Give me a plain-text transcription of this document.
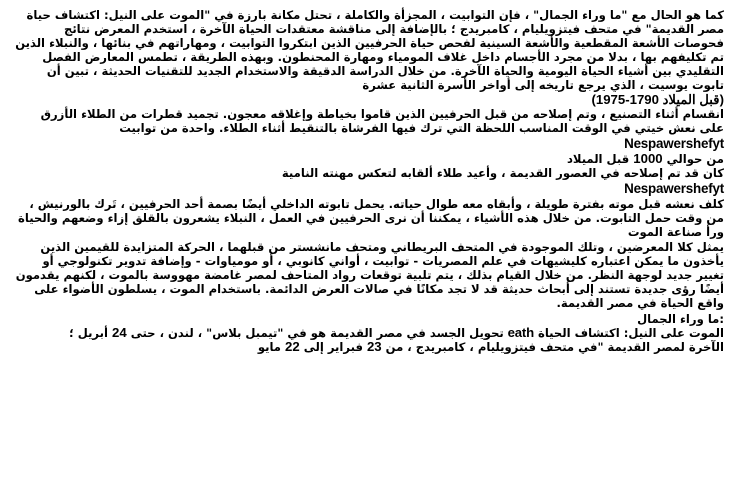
كما هو الحال مع "ما وراء الجمال" ، فإن التوابيت ، المجزأة والكاملة ، تحتل مكانة بارزة في "الموت على النيل: اكتشاف حياة مصر القديمة" في متحف فيتزويليام ، كامبريدج ؛ بالإضافة إلى مناقشة معتقدات الحياة الآخرة ، استخدم المعرض نتائج فحوصات الأشعة المقطعية والأشعة السينية لفحص حياة الحرفيين الذين ابتكروا التوابيت ، ومهاراتهم في بنائها ، والنبلاء الذين تم تكليفهم بها ، بدلا من مجرد الأجسام داخل غلاف المومياء ومهارة المحنطون. وبهذه الطريقة ، تطمس المعارض الفصل التقليدي بين أشياء الحياة اليومية والحياة الآخرة. من خلال الدراسة الدقيقة والاستخدام الجديد للتقنيات الحديثة ، تبين أن تابوت يوسيت ، الذي يرجع تاريخه إلى أواخر الأسرة الثانية عشرة
(قبل الميلاد 1790-1975)

انقسام أثناء التصنيع ، وتم إصلاحه من قبل الحرفيين الذين قاموا بخياطة وإغلاقه معجون. تجميد قطرات من الطلاء الأزرق على نعش خيتي في الوقت المناسب اللحظة التي ترك فيها الفرشاة بالتنقيط أثناء الطلاء. واحدة من توابيت

Nespawershefyt

من حوالي 1000 قبل الميلاد
كان قد تم إصلاحه في العصور القديمة ، وأعيد طلاء ألقابه لتعكس مهنته النامية

Nespawershefyt

كلف نعشه قبل موته بفترة طويلة ، وأبقاه معه طوال حياته. يحمل تابوته الداخلي أيضًا بصمة أحد الحرفيين ، تَرك بالورنيش ، من وقت حمل التابوت. من خلال هذه الأشياء ، يمكننا أن نرى الحرفيين في العمل ، النبلاء يشعرون بالقلق إزاء وضعهم والحياة ورأ صناعة الموت

يمثل كلا المعرضين ، وتلك الموجودة في المتحف البريطاني ومتحف مانشستر من قبلهما ، الحركة المتزايدة للقيمين الذين يأخذون ما يمكن اعتباره كليشيهات في علم المصريات - توابيت ، أواني كانوبي ، أو مومياوات - وإضافة تدوير تكنولوجي أو تغيير جديد لوجهة النظر. من خلال القيام بذلك ، يتم تلبية توقعات رواد المتاحف لمصر غامضة مهووسة بالموت ، لكنهم يقدمون أيضًا رؤى جديدة تستند إلى أبحاث حديثة قد لا تجد مكانًا في صالات العرض الدائمة. باستخدام الموت ، يسلطون الأضواء على واقع الحياة في مصر القديمة.

:ما وراء الجمال

الموت على النيل: اكتشاف الحياة eath تحويل الجسد في مصر القديمة هو في "تيمبل بلاس" ، لندن ، حتى 24 أبريل ؛
الآخرة لمصر القديمة "في متحف فيتزويليام ، كامبريدج ، من 23 فبراير إلى 22 مايو
